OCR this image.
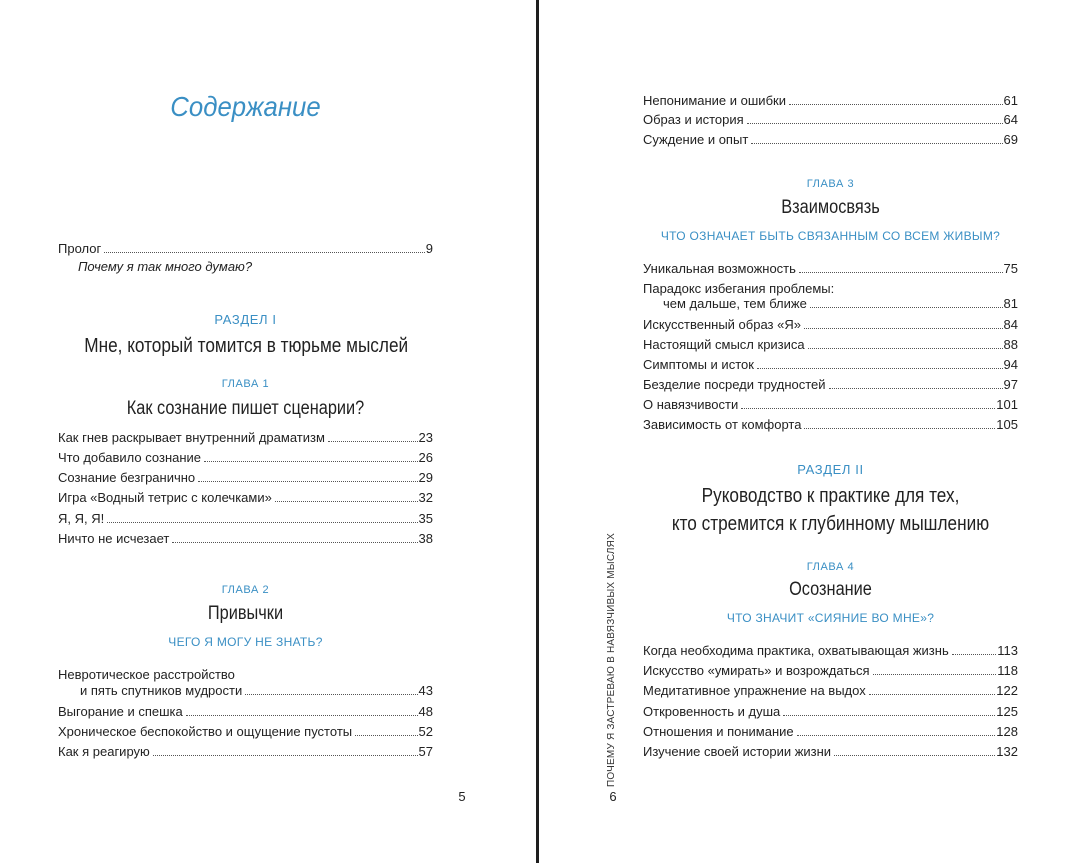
Содержание
Пролог	9
Почему я так много думаю?
РАЗДЕЛ I
Мне, который томится в тюрьме мыслей
ГЛАВА 1
Как сознание пишет сценарии?
Как гнев раскрывает внутренний драматизм	23
Что добавило сознание	26
Сознание безгранично	29
Игра «Водный тетрис с колечками»	32
Я, Я, Я!	35
Ничто не исчезает	38
ГЛАВА 2
Привычки
ЧЕГО Я МОГУ НЕ ЗНАТЬ?
Невротическое расстройство
и пять спутников мудрости	43
Выгорание и спешка	48
Хроническое беспокойство и ощущение пустоты	52
Как я реагирую	57
5
Непонимание и ошибки	61
Образ и история	64
Суждение и опыт	69
ГЛАВА 3
Взаимосвязь
ЧТО ОЗНАЧАЕТ БЫТЬ СВЯЗАННЫМ СО ВСЕМ ЖИВЫМ?
Уникальная возможность	75
Парадокс избегания проблемы:
чем дальше, тем ближе	81
Искусственный образ «Я»	84
Настоящий смысл кризиса	88
Симптомы и исток	94
Безделие посреди трудностей	97
О навязчивости	101
Зависимость от комфорта	105
РАЗДЕЛ II
Руководство к практике для тех,
кто стремится к глубинному мышлению
ГЛАВА 4
Осознание
ЧТО ЗНАЧИТ «СИЯНИЕ ВО МНЕ»?
Когда необходима практика, охватывающая жизнь	113
Искусство «умирать» и возрождаться	118
Медитативное упражнение на выдох	122
Откровенность и душа	125
Отношения и понимание	128
Изучение своей истории жизни	132
ПОЧЕМУ Я ЗАСТРЕВАЮ В НАВЯЗЧИВЫХ МЫСЛЯХ
6
